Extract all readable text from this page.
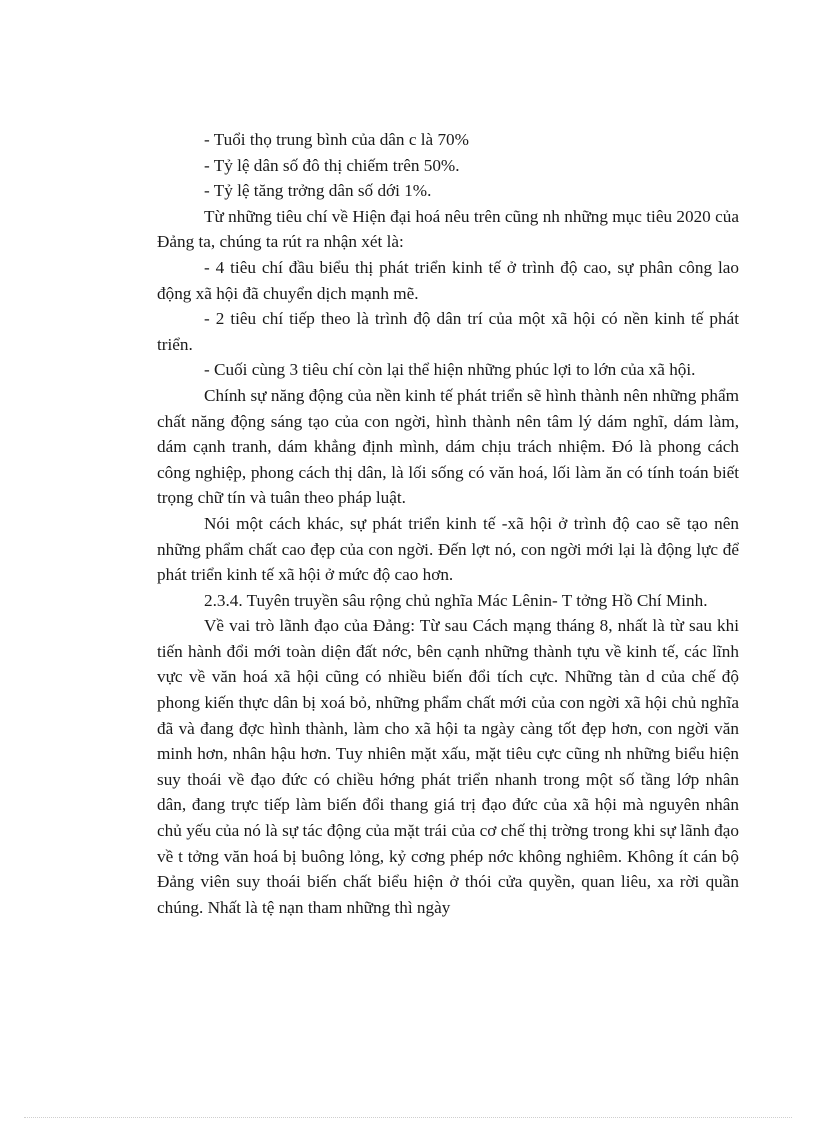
- Tuổi thọ trung bình của dân c là 70%

- Tỷ lệ dân số đô thị chiếm trên 50%.

- Tỷ lệ tăng trởng dân số dới 1%.

Từ những tiêu chí về Hiện đại hoá nêu trên cũng nh những mục tiêu 2020 của Đảng ta, chúng ta rút ra nhận xét là:

- 4 tiêu chí đầu biểu thị phát triển kinh tế ở trình độ cao, sự phân công lao động xã hội đã chuyển dịch mạnh mẽ.

- 2 tiêu chí tiếp theo là trình độ dân trí của một xã hội có nền kinh tế phát triển.

- Cuối cùng 3 tiêu chí còn lại thể hiện những phúc lợi to lớn của xã hội.

Chính sự năng động của nền kinh tế phát triển sẽ hình thành nên những phẩm chất năng động sáng tạo của con ngời, hình thành nên tâm lý dám nghĩ, dám làm, dám cạnh tranh, dám khẳng định mình, dám chịu trách nhiệm. Đó là phong cách công nghiệp, phong cách thị dân, là lối sống có văn hoá, lối làm ăn có tính toán biết trọng chữ tín và tuân theo pháp luật.

Nói một cách khác, sự phát triển kinh tế -xã hội ở trình độ cao sẽ tạo nên những phẩm chất cao đẹp của con ngời. Đến lợt nó, con ngời mới lại là động lực để phát triển kinh tế xã hội ở mức độ cao hơn.

2.3.4. Tuyên truyền sâu rộng chủ nghĩa Mác Lênin- T tởng Hồ Chí Minh.

Về vai trò lãnh đạo của Đảng: Từ sau Cách mạng tháng 8, nhất là từ sau khi tiến hành đổi mới toàn diện đất nớc, bên cạnh những thành tựu về kinh tế, các lĩnh vực về văn hoá xã hội cũng có nhiều biến đổi tích cực. Những tàn d của chế độ phong kiến thực dân bị xoá bỏ, những phẩm chất mới của con ngời xã hội chủ nghĩa đã và đang đợc hình thành, làm cho xã hội ta ngày càng tốt đẹp hơn, con ngời văn minh hơn, nhân hậu hơn. Tuy nhiên mặt xấu, mặt tiêu cực cũng nh những biểu hiện suy thoái về đạo đức có chiều hớng phát triển nhanh trong một số tầng lớp nhân dân, đang trực tiếp làm biến đổi thang giá trị đạo đức của xã hội mà nguyên nhân chủ yếu của nó là sự tác động của mặt trái của cơ chế thị trờng trong khi sự lãnh đạo về t tởng văn hoá bị buông lỏng, kỷ cơng phép nớc không nghiêm. Không ít cán bộ Đảng viên suy thoái biến chất biểu hiện ở thói cửa quyền, quan liêu, xa rời quần chúng. Nhất là tệ nạn tham những thì ngày
